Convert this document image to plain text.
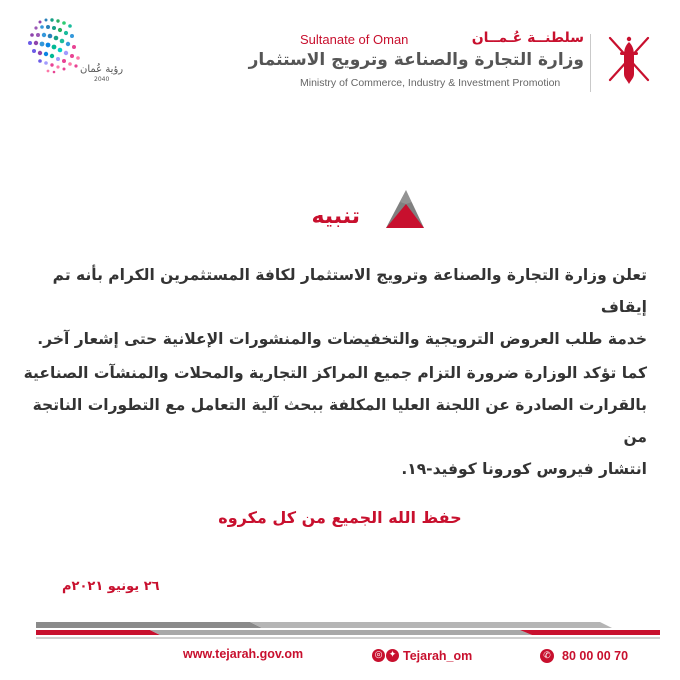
رؤية عُمان
2040
سلطنــة عُـمــان
Sultanate of Oman
وزارة التجارة والصناعة وترويج الاستثمار
Ministry of Commerce, Industry & Investment Promotion
تنبيه
تعلن وزارة التجارة والصناعة وترويج الاستثمار لكافة المستثمرين الكرام بأنه تم إيقاف
خدمة طلب العروض الترويجية والتخفيضات والمنشورات الإعلانية حتى إشعار آخر.
كما تؤكد الوزارة ضرورة التزام جميع المراكز التجارية والمحلات والمنشآت الصناعية
بالقرارت الصادرة عن اللجنة العليا المكلفة ببحث آلية التعامل مع التطورات الناتجة من
انتشار فيروس كورونا كوفيد-١٩.
حفظ الله الجميع من كل مكروه
٢٦ يونيو ٢٠٢١م
www.tejarah.gov.om	◎ ✦ Tejarah_om	✆ 80 00 00 70
